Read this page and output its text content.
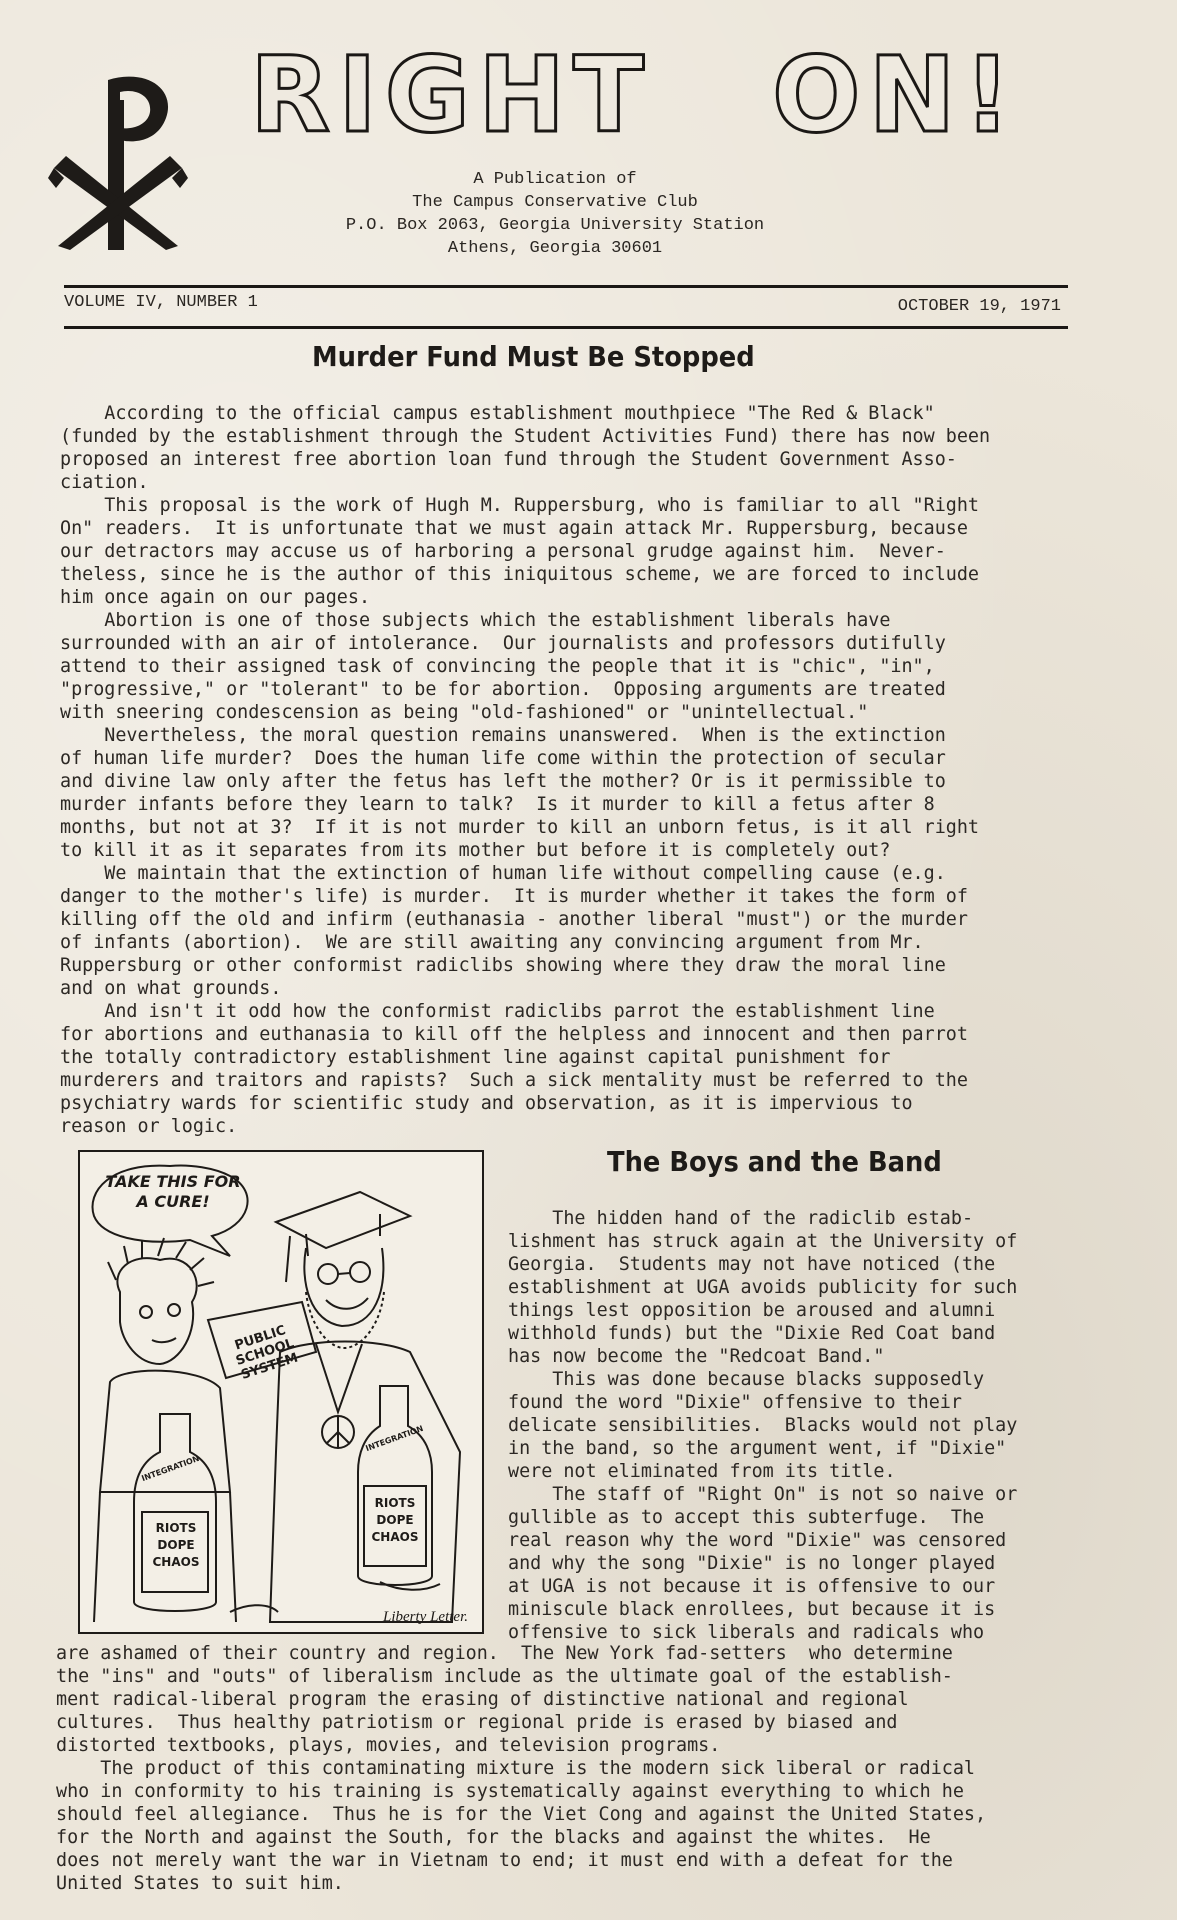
RIGHT ON!
A Publication of
The Campus Conservative Club
P.O. Box 2063, Georgia University Station
Athens, Georgia 30601
VOLUME IV, NUMBER 1	OCTOBER 19, 1971
Murder Fund Must Be Stopped
According to the official campus establishment mouthpiece "The Red & Black"
(funded by the establishment through the Student Activities Fund) there has now been
proposed an interest free abortion loan fund through the Student Government Asso-
ciation.
This proposal is the work of Hugh M. Ruppersburg, who is familiar to all "Right
On" readers.  It is unfortunate that we must again attack Mr. Ruppersburg, because
our detractors may accuse us of harboring a personal grudge against him.  Never-
theless, since he is the author of this iniquitous scheme, we are forced to include
him once again on our pages.
Abortion is one of those subjects which the establishment liberals have
surrounded with an air of intolerance.  Our journalists and professors dutifully
attend to their assigned task of convincing the people that it is "chic", "in",
"progressive," or "tolerant" to be for abortion.  Opposing arguments are treated
with sneering condescension as being "old-fashioned" or "unintellectual."
Nevertheless, the moral question remains unanswered.  When is the extinction
of human life murder?  Does the human life come within the protection of secular
and divine law only after the fetus has left the mother? Or is it permissible to
murder infants before they learn to talk?  Is it murder to kill a fetus after 8
months, but not at 3?  If it is not murder to kill an unborn fetus, is it all right
to kill it as it separates from its mother but before it is completely out?
We maintain that the extinction of human life without compelling cause (e.g.
danger to the mother's life) is murder.  It is murder whether it takes the form of
killing off the old and infirm (euthanasia - another liberal "must") or the murder
of infants (abortion).  We are still awaiting any convincing argument from Mr.
Ruppersburg or other conformist radiclibs showing where they draw the moral line
and on what grounds.
And isn't it odd how the conformist radiclibs parrot the establishment line
for abortions and euthanasia to kill off the helpless and innocent and then parrot
the totally contradictory establishment line against capital punishment for
murderers and traitors and rapists?  Such a sick mentality must be referred to the
psychiatry wards for scientific study and observation, as it is impervious to
reason or logic.
TAKE THIS FOR A CURE!
PUBLIC SCHOOL SYSTEM
INTEGRATION
INTEGRATION
RIOTS DOPE CHAOS
RIOTS DOPE CHAOS
Liberty Letter.
The Boys and the Band
The hidden hand of the radiclib estab-
lishment has struck again at the University of
Georgia.  Students may not have noticed (the
establishment at UGA avoids publicity for such
things lest opposition be aroused and alumni
withhold funds) but the "Dixie Red Coat band
has now become the "Redcoat Band."
This was done because blacks supposedly
found the word "Dixie" offensive to their
delicate sensibilities.  Blacks would not play
in the band, so the argument went, if "Dixie"
were not eliminated from its title.
The staff of "Right On" is not so naive or
gullible as to accept this subterfuge.  The
real reason why the word "Dixie" was censored
and why the song "Dixie" is no longer played
at UGA is not because it is offensive to our
miniscule black enrollees, but because it is
offensive to sick liberals and radicals who
are ashamed of their country and region.  The New York fad-setters  who determine
the "ins" and "outs" of liberalism include as the ultimate goal of the establish-
ment radical-liberal program the erasing of distinctive national and regional
cultures.  Thus healthy patriotism or regional pride is erased by biased and
distorted textbooks, plays, movies, and television programs.
The product of this contaminating mixture is the modern sick liberal or radical
who in conformity to his training is systematically against everything to which he
should feel allegiance.  Thus he is for the Viet Cong and against the United States,
for the North and against the South, for the blacks and against the whites.  He
does not merely want the war in Vietnam to end; it must end with a defeat for the
United States to suit him.
